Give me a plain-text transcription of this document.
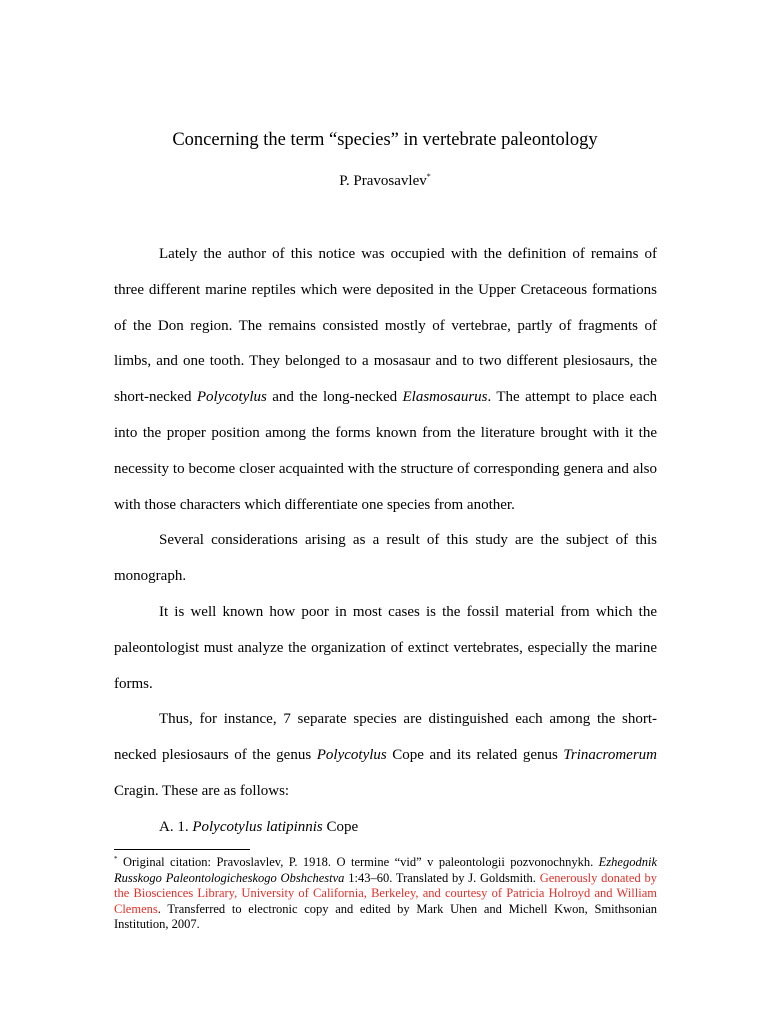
Concerning the term “species” in vertebrate paleontology
P. Pravosavlev*

Lately the author of this notice was occupied with the definition of remains of three different marine reptiles which were deposited in the Upper Cretaceous formations of the Don region. The remains consisted mostly of vertebrae, partly of fragments of limbs, and one tooth. They belonged to a mosasaur and to two different plesiosaurs, the short-necked Polycotylus and the long-necked Elasmosaurus. The attempt to place each into the proper position among the forms known from the literature brought with it the necessity to become closer acquainted with the structure of corresponding genera and also with those characters which differentiate one species from another.

Several considerations arising as a result of this study are the subject of this monograph.

It is well known how poor in most cases is the fossil material from which the paleontologist must analyze the organization of extinct vertebrates, especially the marine forms.

Thus, for instance, 7 separate species are distinguished each among the short-necked plesiosaurs of the genus Polycotylus Cope and its related genus Trinacromerum Cragin. These are as follows:

A. 1. Polycotylus latipinnis Cope

* Original citation: Pravoslavlev, P. 1918. O termine “vid” v paleontologii pozvonochnykh. Ezhegodnik Russkogo Paleontologicheskogo Obshchestva 1:43–60. Translated by J. Goldsmith. Generously donated by the Biosciences Library, University of California, Berkeley, and courtesy of Patricia Holroyd and William Clemens. Transferred to electronic copy and edited by Mark Uhen and Michell Kwon, Smithsonian Institution, 2007.
